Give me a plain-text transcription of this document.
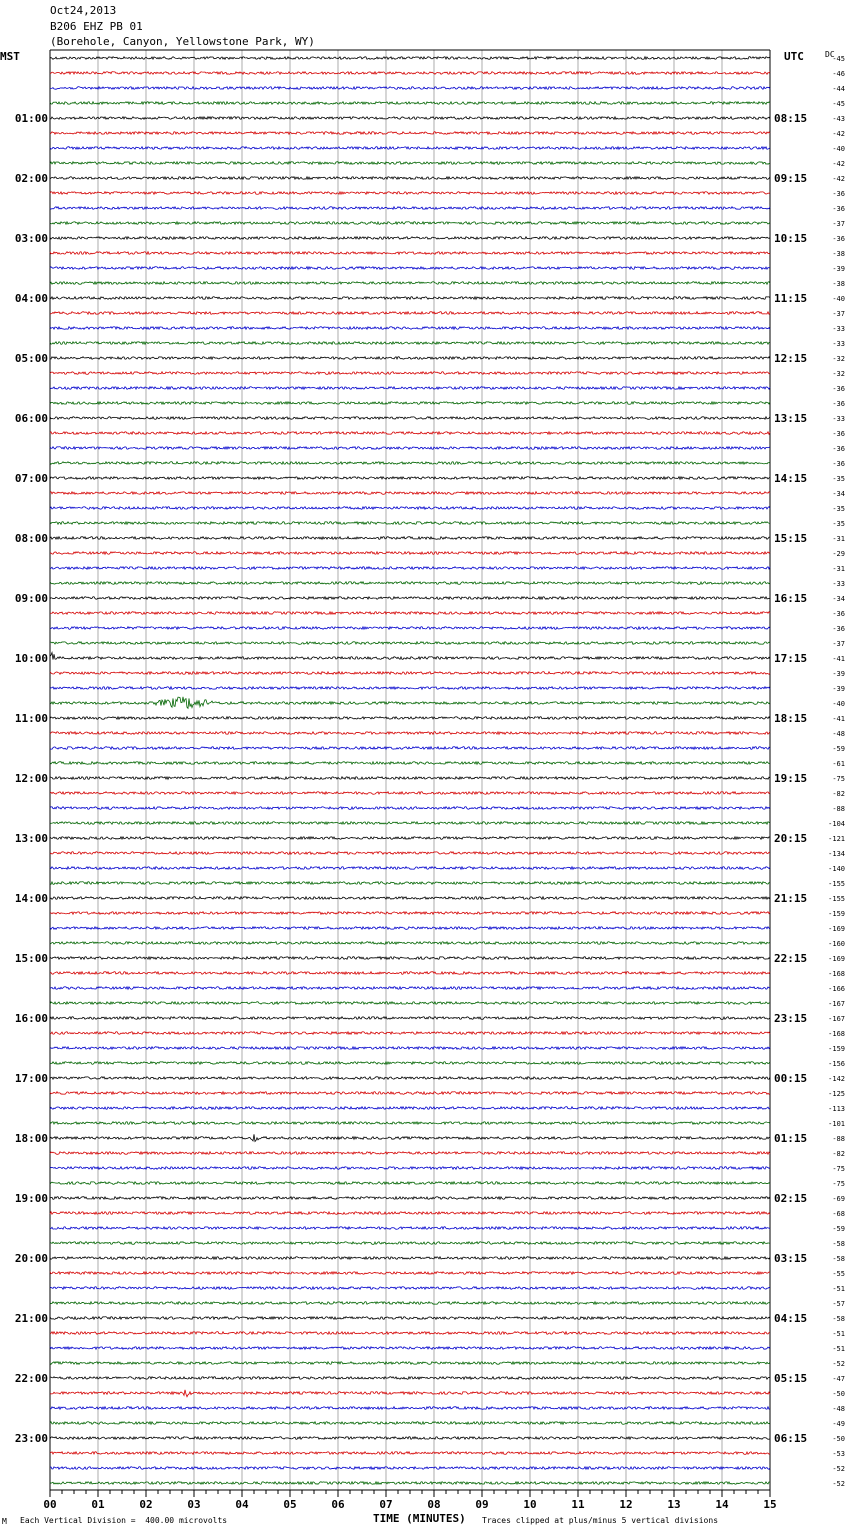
00	01	02	03	04	05	06	07	08	09	10	11	12	13	14	15
01:00
02:00
03:00
04:00
05:00
06:00
07:00
08:00
09:00
10:00
11:00
12:00
13:00
14:00
15:00
16:00
17:00
18:00
19:00
20:00
21:00
22:00
23:00
08:15
09:15
10:15
11:15
12:15
13:15
14:15
15:15
16:15
17:15
18:15
19:15
20:15
21:15
22:15
23:15
00:15
01:15
02:15
03:15
04:15
05:15
06:15
-45
-46
-44
-45
-43
-42
-40
-42
-42
-36
-36
-37
-36
-38
-39
-38
-40
-37
-33
-33
-32
-32
-36
-36
-33
-36
-36
-36
-35
-34
-35
-35
-31
-29
-31
-33
-34
-36
-36
-37
-41
-39
-39
-40
-41
-48
-59
-61
-75
-82
-88
-104
-121
-134
-140
-155
-155
-159
-169
-160
-169
-168
-166
-167
-167
-168
-159
-156
-142
-125
-113
-101
-88
-82
-75
-75
-69
-68
-59
-58
-58
-55
-51
-57
-58
-51
-51
-52
-47
-50
-48
-49
-50
-53
-52
-52
Oct24,2013
B206 EHZ PB 01
(Borehole, Canyon, Yellowstone Park, WY)
MST	UTC	DC
M Each Vertical Division =  400.00 microvolts	TIME (MINUTES) Traces clipped at plus/minus 5 vertical divisions
